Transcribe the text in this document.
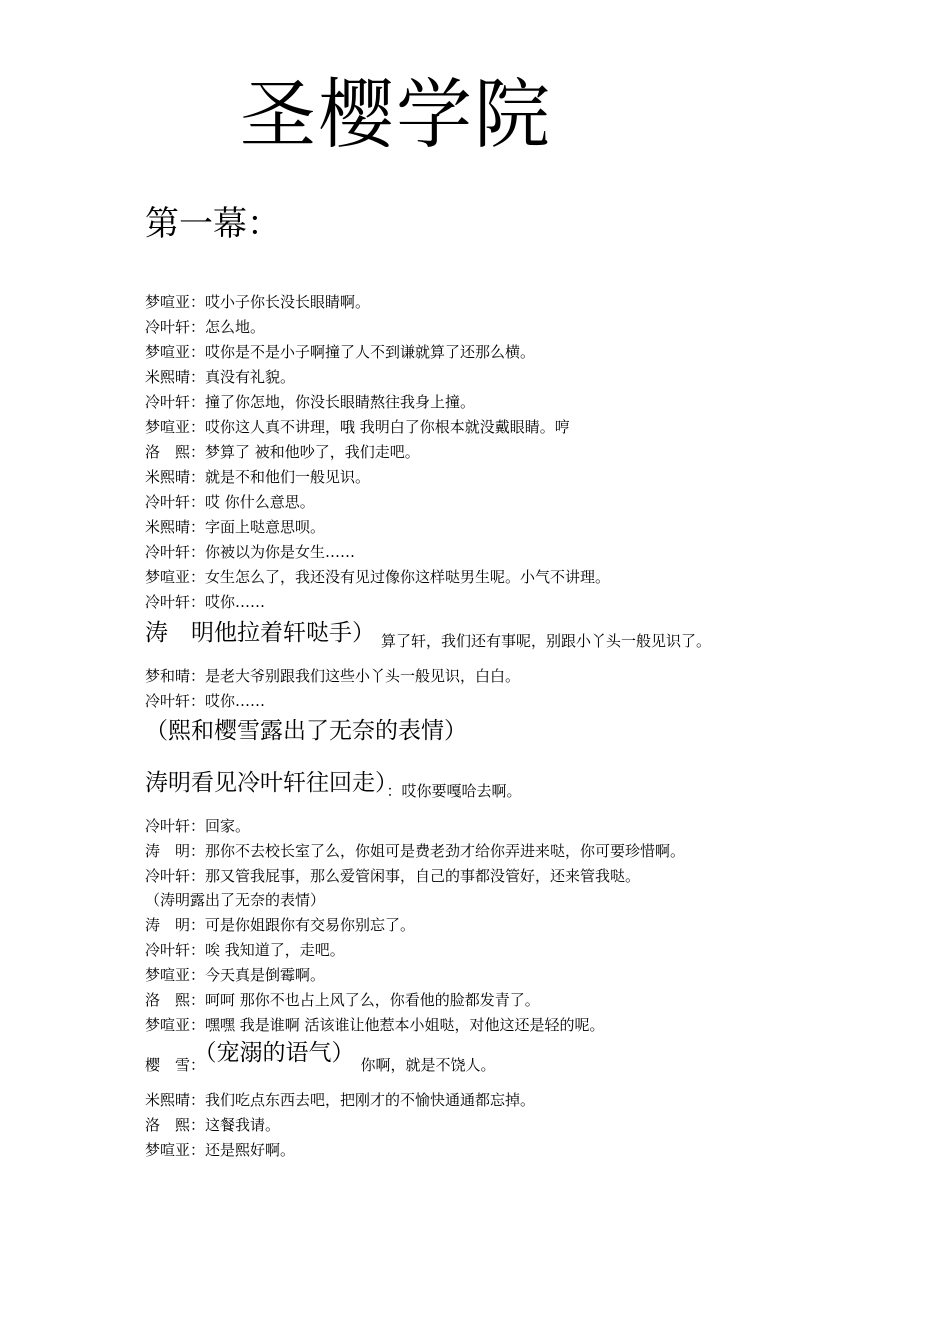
圣樱学院
第一幕：
梦喧亚：哎小子你长没长眼睛啊。
冷叶轩：怎么地。
梦喧亚：哎你是不是小子啊撞了人不到谦就算了还那么横。
米熙晴：真没有礼貌。
冷叶轩：撞了你怎地，你没长眼睛熬往我身上撞。
梦喧亚：哎你这人真不讲理，哦 我明白了你根本就没戴眼睛。哼
洛　熙：梦算了 被和他吵了，我们走吧。
米熙晴：就是不和他们一般见识。
冷叶轩：哎 你什么意思。
米熙晴：字面上哒意思呗。
冷叶轩：你被以为你是女生……
梦喧亚：女生怎么了，我还没有见过像你这样哒男生呢。小气不讲理。
冷叶轩：哎你……
涛　明他拉着轩哒手） 算了轩，我们还有事呢，别跟小丫头一般见识了。
梦和晴：是老大爷别跟我们这些小丫头一般见识，白白。
冷叶轩：哎你……
（熙和樱雪露出了无奈的表情）
涛明看见冷叶轩往回走）：哎你要嘎哈去啊。
冷叶轩：回家。
涛　明：那你不去校长室了么，你姐可是费老劲才给你弄进来哒，你可要珍惜啊。
冷叶轩：那又管我屁事，那么爱管闲事，自己的事都没管好，还来管我哒。
（涛明露出了无奈的表情）
涛　明：可是你姐跟你有交易你别忘了。
冷叶轩：唉 我知道了，走吧。
梦喧亚：今天真是倒霉啊。
洛　熙：呵呵 那你不也占上风了么，你看他的脸都发青了。
梦喧亚：嘿嘿 我是谁啊 活该谁让他惹本小姐哒，对他这还是轻的呢。
樱　雪：（宠溺的语气） 你啊，就是不饶人。
米熙晴：我们吃点东西去吧，把刚才的不愉快通通都忘掉。
洛　熙：这餐我请。
梦喧亚：还是熙好啊。
